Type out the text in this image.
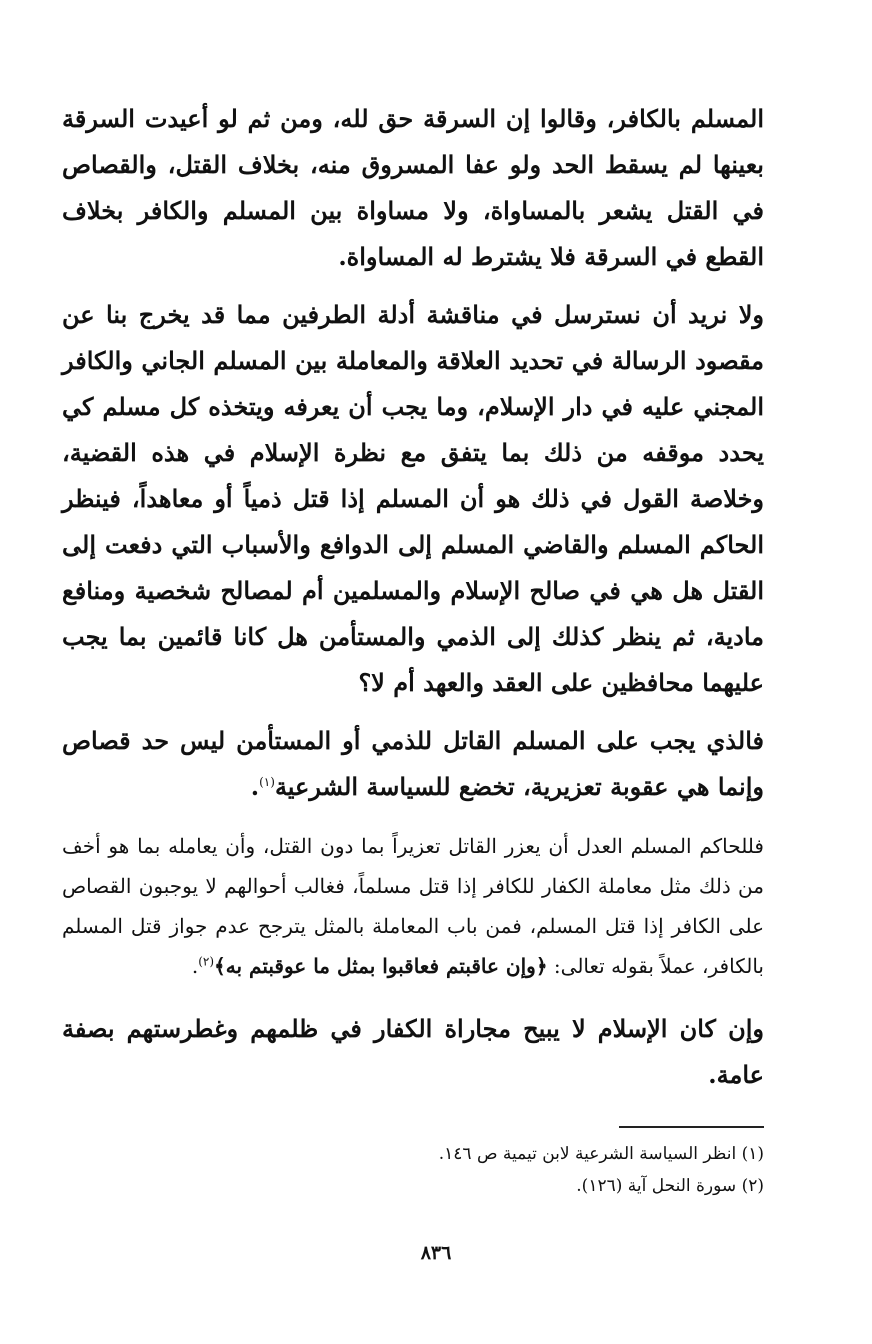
المسلم بالكافر، وقالوا إن السرقة حق لله، ومن ثم لو أعيدت السرقة بعينها لم يسقط الحد ولو عفا المسروق منه، بخلاف القتل، والقصاص في القتل يشعر بالمساواة، ولا مساواة بين المسلم والكافر بخلاف القطع في السرقة فلا يشترط له المساواة.

ولا نريد أن نسترسل في مناقشة أدلة الطرفين مما قد يخرج بنا عن مقصود الرسالة في تحديد العلاقة والمعاملة بين المسلم الجاني والكافر المجني عليه في دار الإسلام، وما يجب أن يعرفه ويتخذه كل مسلم كي يحدد موقفه من ذلك بما يتفق مع نظرة الإسلام في هذه القضية، وخلاصة القول في ذلك هو أن المسلم إذا قتل ذمياً أو معاهداً، فينظر الحاكم المسلم والقاضي المسلم إلى الدوافع والأسباب التي دفعت إلى القتل هل هي في صالح الإسلام والمسلمين أم لمصالح شخصية ومنافع مادية، ثم ينظر كذلك إلى الذمي والمستأمن هل كانا قائمين بما يجب عليهما محافظين على العقد والعهد أم لا؟

فالذي يجب على المسلم القاتل للذمي أو المستأمن ليس حد قصاص وإنما هي عقوبة تعزيرية، تخضع للسياسة الشرعية$^{(١)}$.

فللحاكم المسلم العدل أن يعزر القاتل تعزيراً بما دون القتل، وأن يعامله بما هو أخف من ذلك مثل معاملة الكفار للكافر إذا قتل مسلماً، فغالب أحوالهم لا يوجبون القصاص على الكافر إذا قتل المسلم، فمن باب المعاملة بالمثل يترجح عدم جواز قتل المسلم بالكافر، عملاً بقوله تعالى: ﴿وإن عاقبتم فعاقبوا بمثل ما عوقبتم به﴾$^{(٢)}$.

وإن كان الإسلام لا يبيح مجاراة الكفار في ظلمهم وغطرستهم بصفة عامة.

(١) انظر السياسة الشرعية لابن تيمية ص ١٤٦.

(٢) سورة النحل آية (١٢٦).

٨٣٦
